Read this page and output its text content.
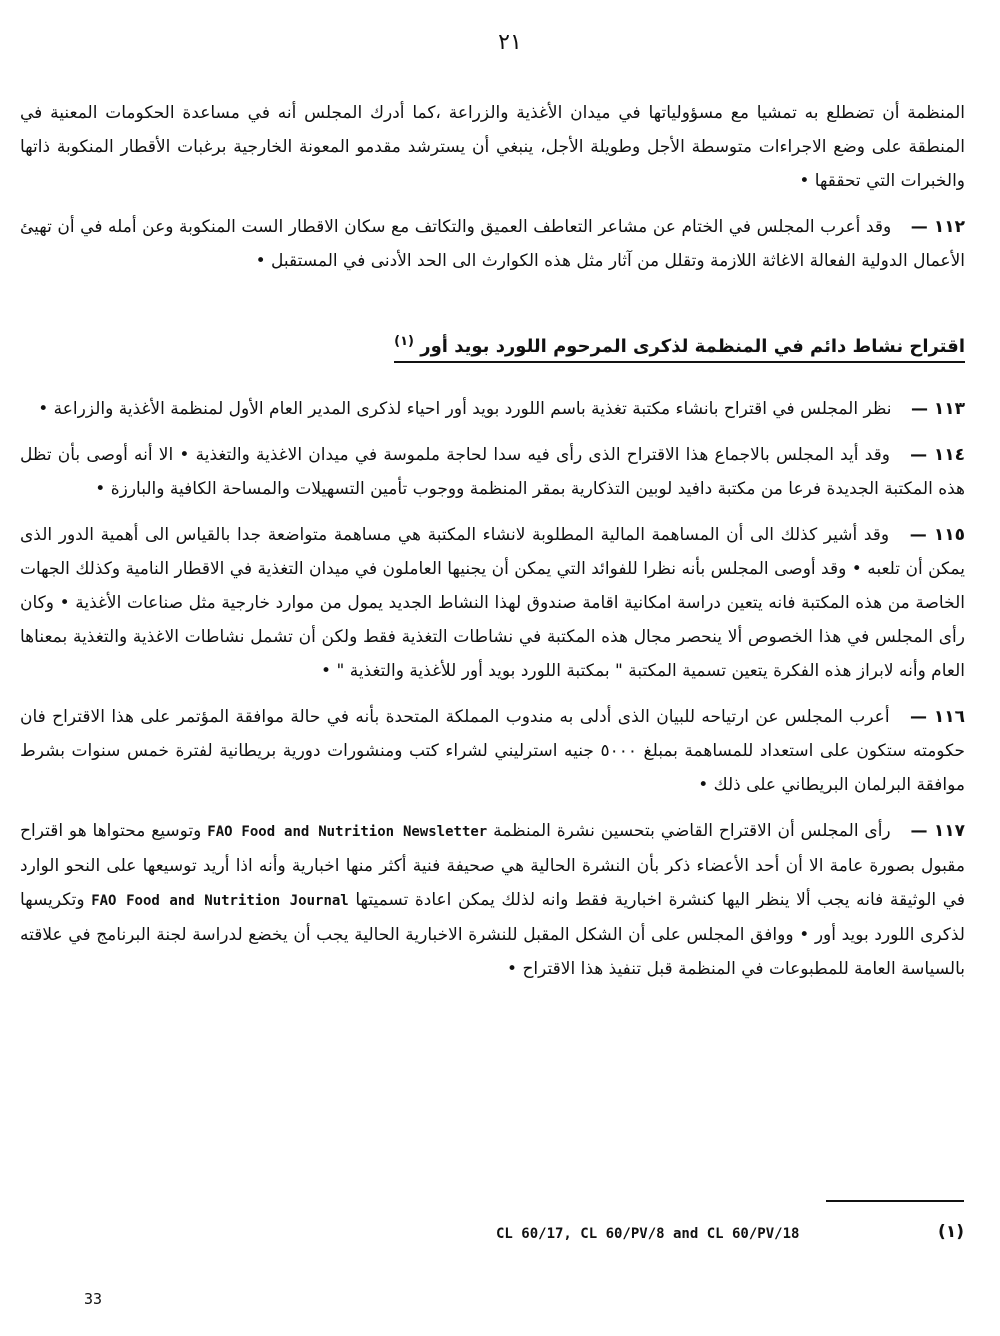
٢١

المنظمة أن تضطلع به تمشيا مع مسؤولياتها في ميدان الأغذية والزراعة ،كما أدرك المجلس أنه في مساعدة الحكومات المعنية في المنطقة على وضع الاجراءات متوسطة الأجل وطويلة الأجل، ينبغي أن يسترشد مقدمو المعونة الخارجية برغبات الأقطار المنكوبة ذاتها والخبرات التي تحققها •

١١٢ — وقد أعرب المجلس في الختام عن مشاعر التعاطف العميق والتكاتف مع سكان الاقطار الست المنكوبة وعن أمله في أن تهيئ الأعمال الدولية الفعالة الاغاثة اللازمة وتقلل من آثار مثل هذه الكوارث الى الحد الأدنى في المستقبل •

اقتراح نشاط دائم في المنظمة لذكرى المرحوم اللورد بويد أور $^{(١)}$

١١٣ — نظر المجلس في اقتراح بانشاء مكتبة تغذية باسم اللورد بويد أور احياء لذكرى المدير العام الأول لمنظمة الأغذية والزراعة •

١١٤ — وقد أيد المجلس بالاجماع هذا الاقتراح الذى رأى فيه سدا لحاجة ملموسة في ميدان الاغذية والتغذية • الا أنه أوصى بأن تظل هذه المكتبة الجديدة فرعا من مكتبة دافيد لوبين التذكارية بمقر المنظمة ووجوب تأمين التسهيلات والمساحة الكافية والبارزة •

١١٥ — وقد أشير كذلك الى أن المساهمة المالية المطلوبة لانشاء المكتبة هي مساهمة متواضعة جدا بالقياس الى أهمية الدور الذى يمكن أن تلعبه • وقد أوصى المجلس بأنه نظرا للفوائد التي يمكن أن يجنيها العاملون في ميدان التغذية في الاقطار النامية وكذلك الجهات الخاصة من هذه المكتبة فانه يتعين دراسة امكانية اقامة صندوق لهذا النشاط الجديد يمول من موارد خارجية مثل صناعات الأغذية • وكان رأى المجلس في هذا الخصوص ألا ينحصر مجال هذه المكتبة في نشاطات التغذية فقط ولكن أن تشمل نشاطات الاغذية والتغذية بمعناها العام وأنه لابراز هذه الفكرة يتعين تسمية المكتبة " بمكتبة اللورد بويد أور للأغذية والتغذية " •

١١٦ — أعرب المجلس عن ارتياحه للبيان الذى أدلى به مندوب المملكة المتحدة بأنه في حالة موافقة المؤتمر على هذا الاقتراح فان حكومته ستكون على استعداد للمساهمة بمبلغ ٥٠٠٠ جنيه استرليني لشراء كتب ومنشورات دورية بريطانية لفترة خمس سنوات بشرط موافقة البرلمان البريطاني على ذلك •

١١٧ — رأى المجلس أن الاقتراح القاضي بتحسين نشرة المنظمة FAO Food and Nutrition Newsletter وتوسيع محتواها هو اقتراح مقبول بصورة عامة الا أن أحد الأعضاء ذكر بأن النشرة الحالية هي صحيفة فنية أكثر منها اخبارية وأنه اذا أريد توسيعها على النحو الوارد في الوثيقة فانه يجب ألا ينظر اليها كنشرة اخبارية فقط وانه لذلك يمكن اعادة تسميتها FAO Food and Nutrition Journal وتكريسها لذكرى اللورد بويد أور • ووافق المجلس على أن الشكل المقبل للنشرة الاخبارية الحالية يجب أن يخضع لدراسة لجنة البرنامج في علاقته بالسياسة العامة للمطبوعات في المنظمة قبل تنفيذ هذا الاقتراح •

CL 60/17, CL 60/PV/8 and CL 60/PV/18	(١)
33
